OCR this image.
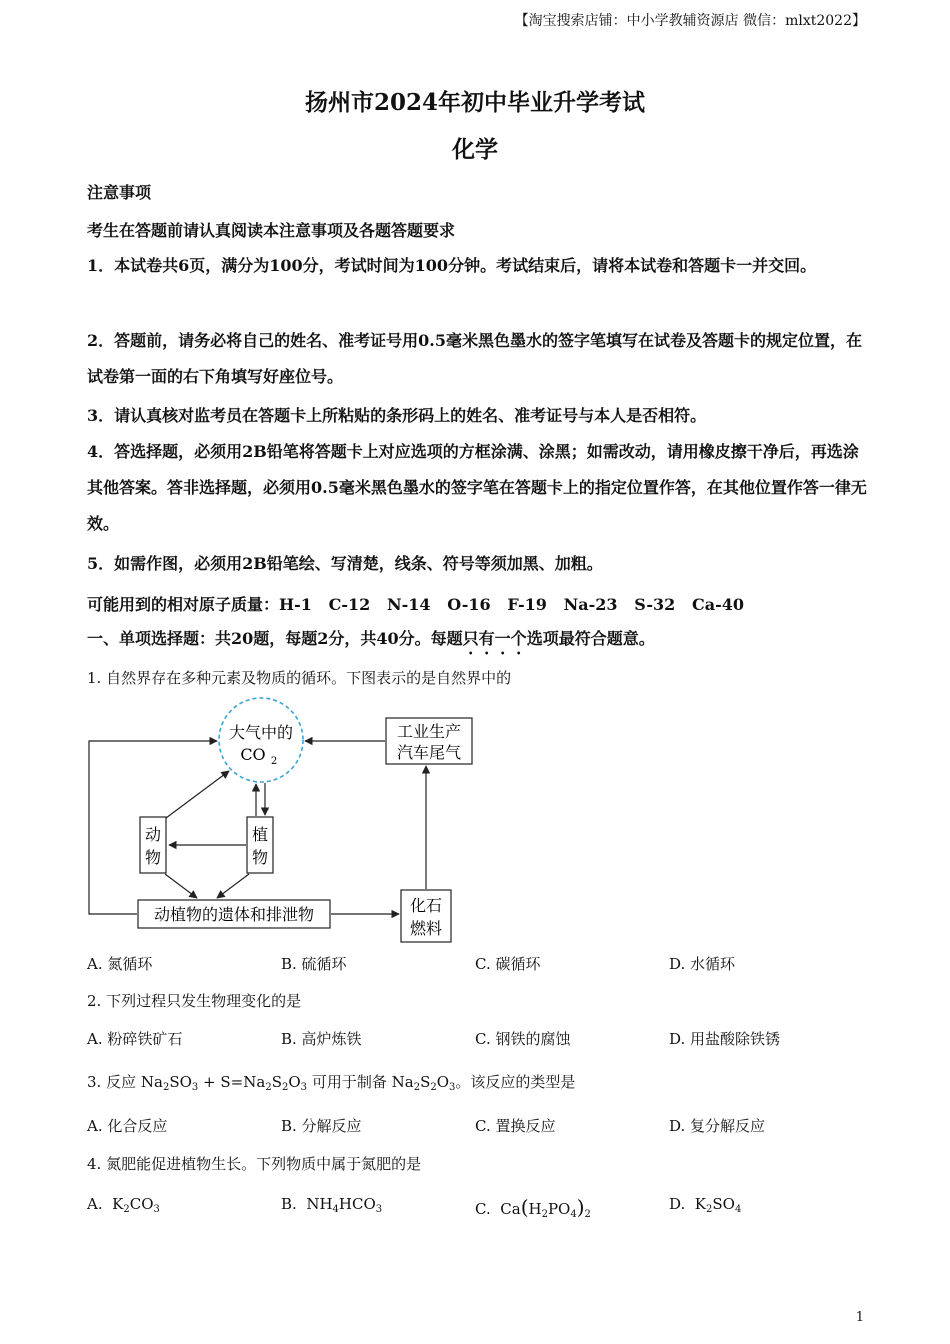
【淘宝搜索店铺：中小学教辅资源店 微信：mlxt2022】
扬州市2024年初中毕业升学考试
化学
注意事项
考生在答题前请认真阅读本注意事项及各题答题要求
1．本试卷共6页，满分为100分，考试时间为100分钟。考试结束后，请将本试卷和答题卡一并交回。
2．答题前，请务必将自己的姓名、准考证号用0.5毫米黑色墨水的签字笔填写在试卷及答题卡的规定位置，在试卷第一面的右下角填写好座位号。
3．请认真核对监考员在答题卡上所粘贴的条形码上的姓名、准考证号与本人是否相符。
4．答选择题，必须用2B铅笔将答题卡上对应选项的方框涂满、涂黑；如需改动，请用橡皮擦干净后，再选涂其他答案。答非选择题，必须用0.5毫米黑色墨水的签字笔在答题卡上的指定位置作答，在其他位置作答一律无效。
5．如需作图，必须用2B铅笔绘、写清楚，线条、符号等须加黑、加粗。
可能用到的相对原子质量：H-1   C-12   N-14   O-16   F-19   Na-23   S-32   Ca-40
一、单项选择题：共20题，每题2分，共40分。每题只有一个选项最符合题意。
1. 自然界存在多种元素及物质的循环。下图表示的是自然界中的
大气中的
CO 2
工业生产
汽车尾气
动
物
植
物
动植物的遗体和排泄物	化石
燃料
A. 氮循环	B. 硫循环	C. 碳循环	D. 水循环
2. 下列过程只发生物理变化的是
A. 粉碎铁矿石	B. 高炉炼铁	C. 钢铁的腐蚀	D. 用盐酸除铁锈
3. 反应 $Na_2SO_3 + S=Na_2S_2O_3$ 可用于制备 $Na_2S_2O_3$。该反应的类型是
A. 化合反应	B. 分解反应	C. 置换反应	D. 复分解反应
4. 氮肥能促进植物生长。下列物质中属于氮肥的是
A.  $K_2CO_3$	B.  $NH_4HCO_3$	C.  $Ca(H_2PO_4)_2$
D.  $K_2SO_4$
1
